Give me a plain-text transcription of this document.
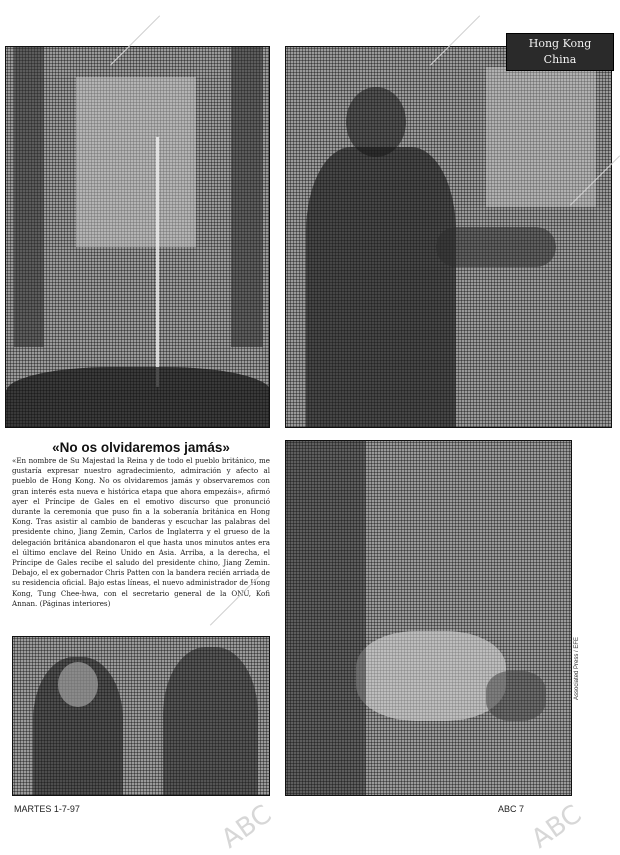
Hong Kong
China
«No os olvidaremos jamás»

«En nombre de Su Majestad la Reina y de todo el pueblo británico, me gustaría expresar nuestro agradecimiento, admiración y afecto al pueblo de Hong Kong. No os olvidaremos jamás y observaremos con gran interés esta nueva e histórica etapa que ahora empezáis», afirmó ayer el Príncipe de Gales en el emotivo discurso que pronunció durante la ceremonia que puso fin a la soberanía británica en Hong Kong. Tras asistir al cambio de banderas y escuchar las palabras del presidente chino, Jiang Zemin, Carlos de Inglaterra y el grueso de la delegación británica abandonaron el que hasta unos minutos antes era el último enclave del Reino Unido en Asia. Arriba, a la derecha, el Príncipe de Gales recibe el saludo del presidente chino, Jiang Zemin. Debajo, el ex gobernador Chris Patten con la bandera recién arriada de su residencia oficial. Bajo estas líneas, el nuevo administrador de Hong Kong, Tung Chee-hwa, con el secretario general de la ONU, Kofi Annan. (Páginas interiores)

Associated Press / EFE
MARTES 1-7-97	ABC 7
ABC	ABC
